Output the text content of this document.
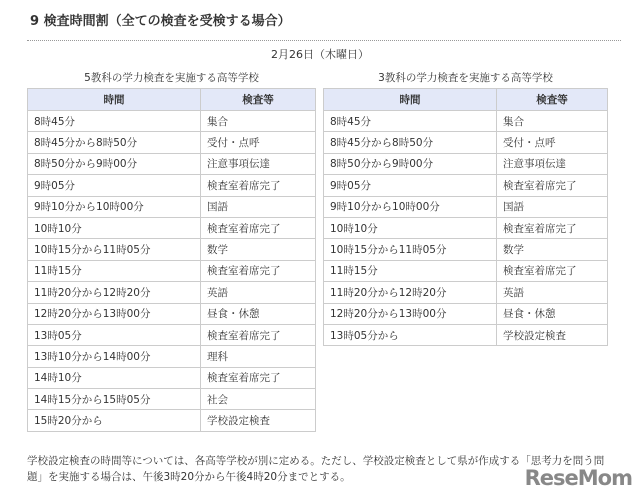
9 検査時間割（全ての検査を受検する場合）
2月26日（木曜日）
5教科の学力検査を実施する高等学校	3教科の学力検査を実施する高等学校
時間	検査等
8時45分	集合
8時45分から8時50分	受付・点呼
8時50分から9時00分	注意事項伝達
9時05分	検査室着席完了
9時10分から10時00分	国語
10時10分	検査室着席完了
10時15分から11時05分	数学
11時15分	検査室着席完了
11時20分から12時20分	英語
12時20分から13時00分	昼食・休憩
13時05分	検査室着席完了
13時10分から14時00分	理科
14時10分	検査室着席完了
14時15分から15時05分	社会
15時20分から	学校設定検査
時間	検査等
8時45分	集合
8時45分から8時50分	受付・点呼
8時50分から9時00分	注意事項伝達
9時05分	検査室着席完了
9時10分から10時00分	国語
10時10分	検査室着席完了
10時15分から11時05分	数学
11時15分	検査室着席完了
11時20分から12時20分	英語
12時20分から13時00分	昼食・休憩
13時05分から	学校設定検査
学校設定検査の時間等については、各高等学校が別に定める。ただし、学校設定検査として県が作成する「思考力を問う問題」を実施する場合は、午後3時20分から午後4時20分までとする。	ReseMom
